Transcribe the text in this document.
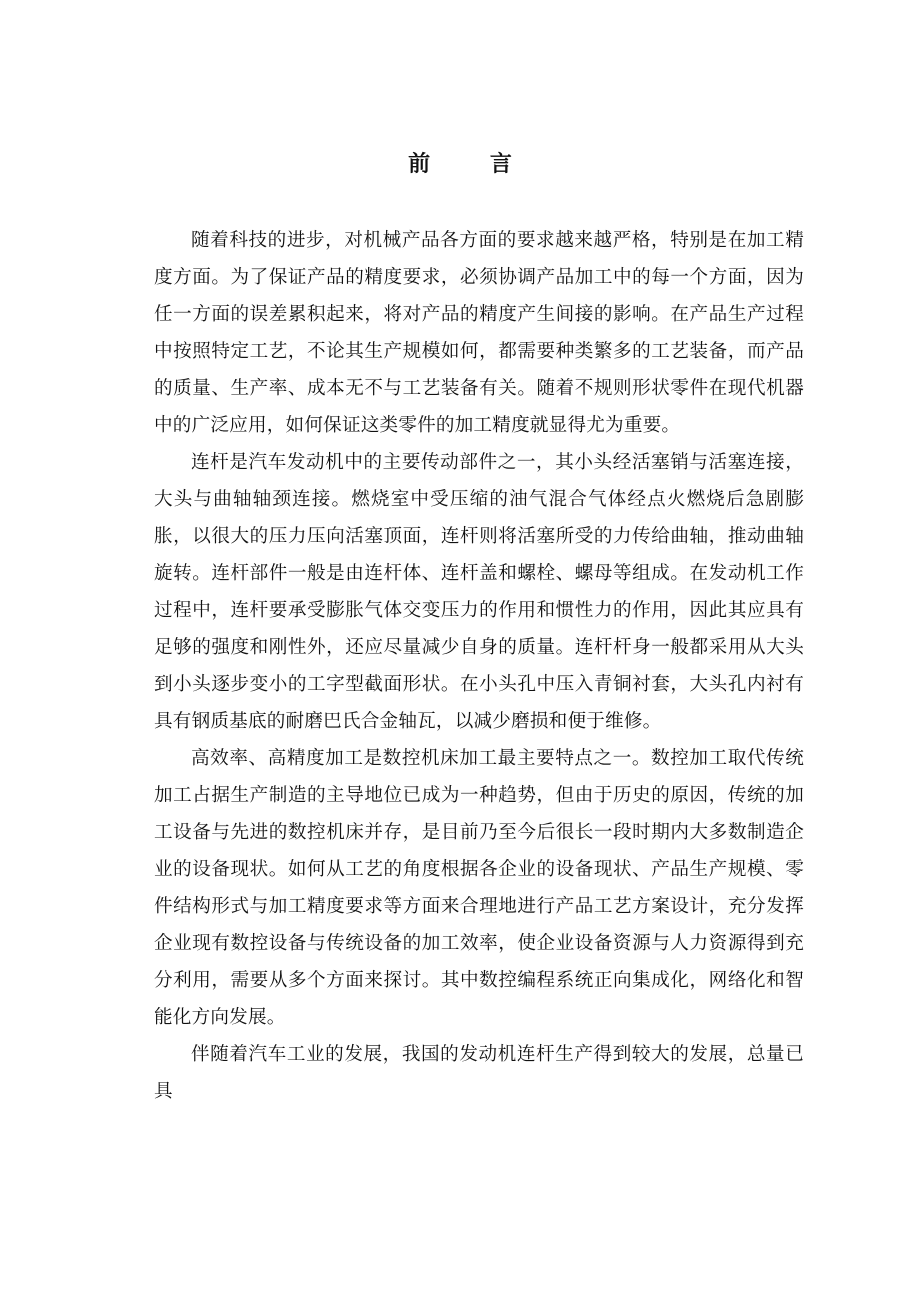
前 言

随着科技的进步，对机械产品各方面的要求越来越严格，特别是在加工精度方面。为了保证产品的精度要求，必须协调产品加工中的每一个方面，因为任一方面的误差累积起来，将对产品的精度产生间接的影响。在产品生产过程中按照特定工艺，不论其生产规模如何，都需要种类繁多的工艺装备，而产品的质量、生产率、成本无不与工艺装备有关。随着不规则形状零件在现代机器中的广泛应用，如何保证这类零件的加工精度就显得尤为重要。

连杆是汽车发动机中的主要传动部件之一，其小头经活塞销与活塞连接，大头与曲轴轴颈连接。燃烧室中受压缩的油气混合气体经点火燃烧后急剧膨胀，以很大的压力压向活塞顶面，连杆则将活塞所受的力传给曲轴，推动曲轴旋转。连杆部件一般是由连杆体、连杆盖和螺栓、螺母等组成。在发动机工作过程中，连杆要承受膨胀气体交变压力的作用和惯性力的作用，因此其应具有足够的强度和刚性外，还应尽量减少自身的质量。连杆杆身一般都采用从大头到小头逐步变小的工字型截面形状。在小头孔中压入青铜衬套，大头孔内衬有具有钢质基底的耐磨巴氏合金轴瓦，以减少磨损和便于维修。

高效率、高精度加工是数控机床加工最主要特点之一。数控加工取代传统加工占据生产制造的主导地位已成为一种趋势，但由于历史的原因，传统的加工设备与先进的数控机床并存，是目前乃至今后很长一段时期内大多数制造企业的设备现状。如何从工艺的角度根据各企业的设备现状、产品生产规模、零件结构形式与加工精度要求等方面来合理地进行产品工艺方案设计，充分发挥企业现有数控设备与传统设备的加工效率，使企业设备资源与人力资源得到充分利用，需要从多个方面来探讨。其中数控编程系统正向集成化，网络化和智能化方向发展。

伴随着汽车工业的发展，我国的发动机连杆生产得到较大的发展，总量已具
